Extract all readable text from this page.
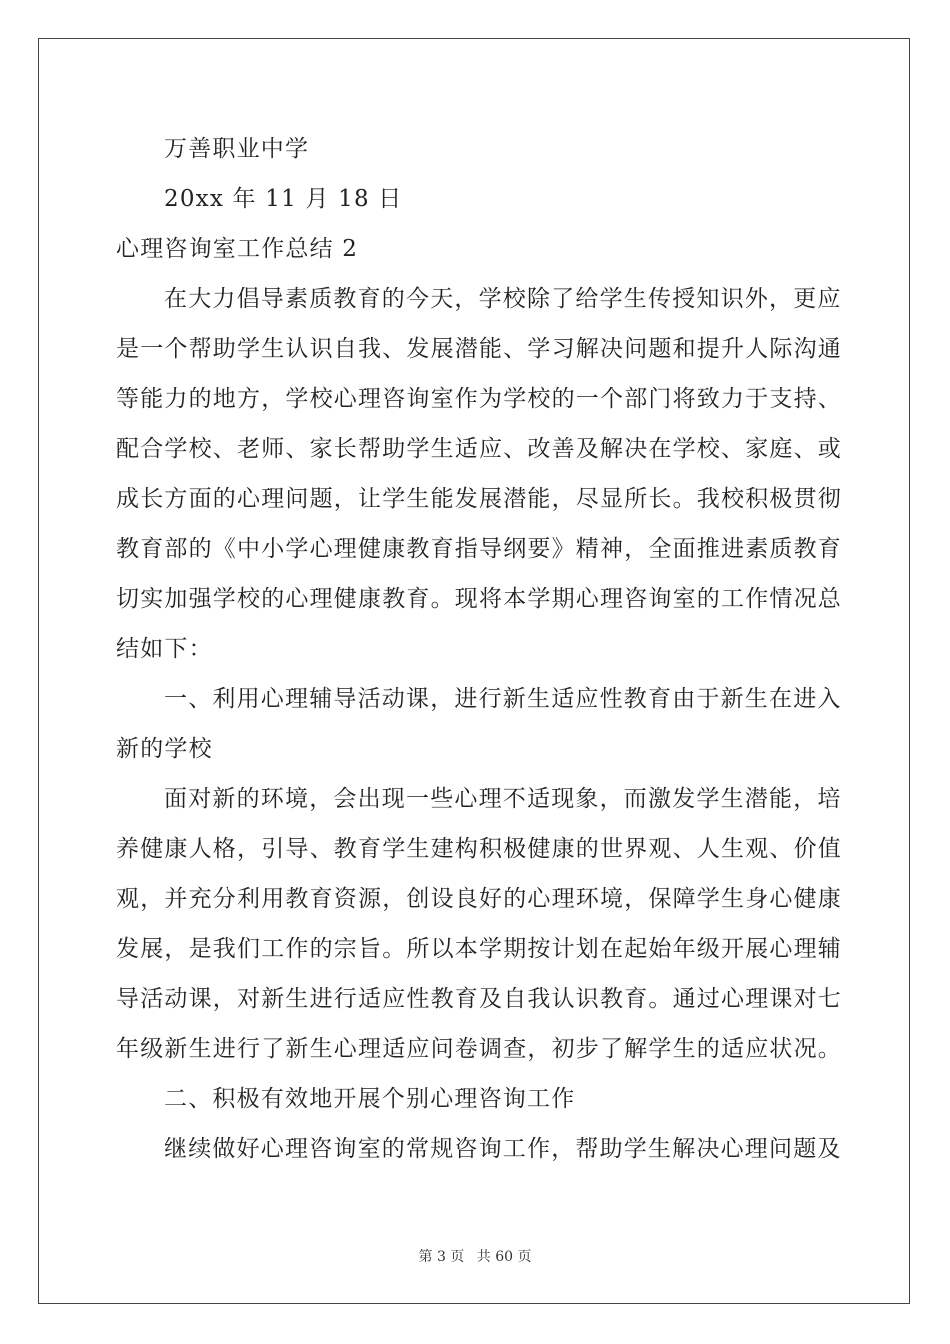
万善职业中学
20xx 年 11 月 18 日
心理咨询室工作总结 2
在大力倡导素质教育的今天，学校除了给学生传授知识外，更应
是一个帮助学生认识自我、发展潜能、学习解决问题和提升人际沟通
等能力的地方，学校心理咨询室作为学校的一个部门将致力于支持、
配合学校、老师、家长帮助学生适应、改善及解决在学校、家庭、或
成长方面的心理问题，让学生能发展潜能，尽显所长。我校积极贯彻
教育部的《中小学心理健康教育指导纲要》精神，全面推进素质教育
切实加强学校的心理健康教育。现将本学期心理咨询室的工作情况总
结如下：
一、利用心理辅导活动课，进行新生适应性教育由于新生在进入
新的学校
面对新的环境，会出现一些心理不适现象，而激发学生潜能，培
养健康人格，引导、教育学生建构积极健康的世界观、人生观、价值
观，并充分利用教育资源，创设良好的心理环境，保障学生身心健康
发展，是我们工作的宗旨。所以本学期按计划在起始年级开展心理辅
导活动课，对新生进行适应性教育及自我认识教育。通过心理课对七
年级新生进行了新生心理适应问卷调查，初步了解学生的适应状况。
二、积极有效地开展个别心理咨询工作
继续做好心理咨询室的常规咨询工作，帮助学生解决心理问题及
第 3 页 共 60 页
